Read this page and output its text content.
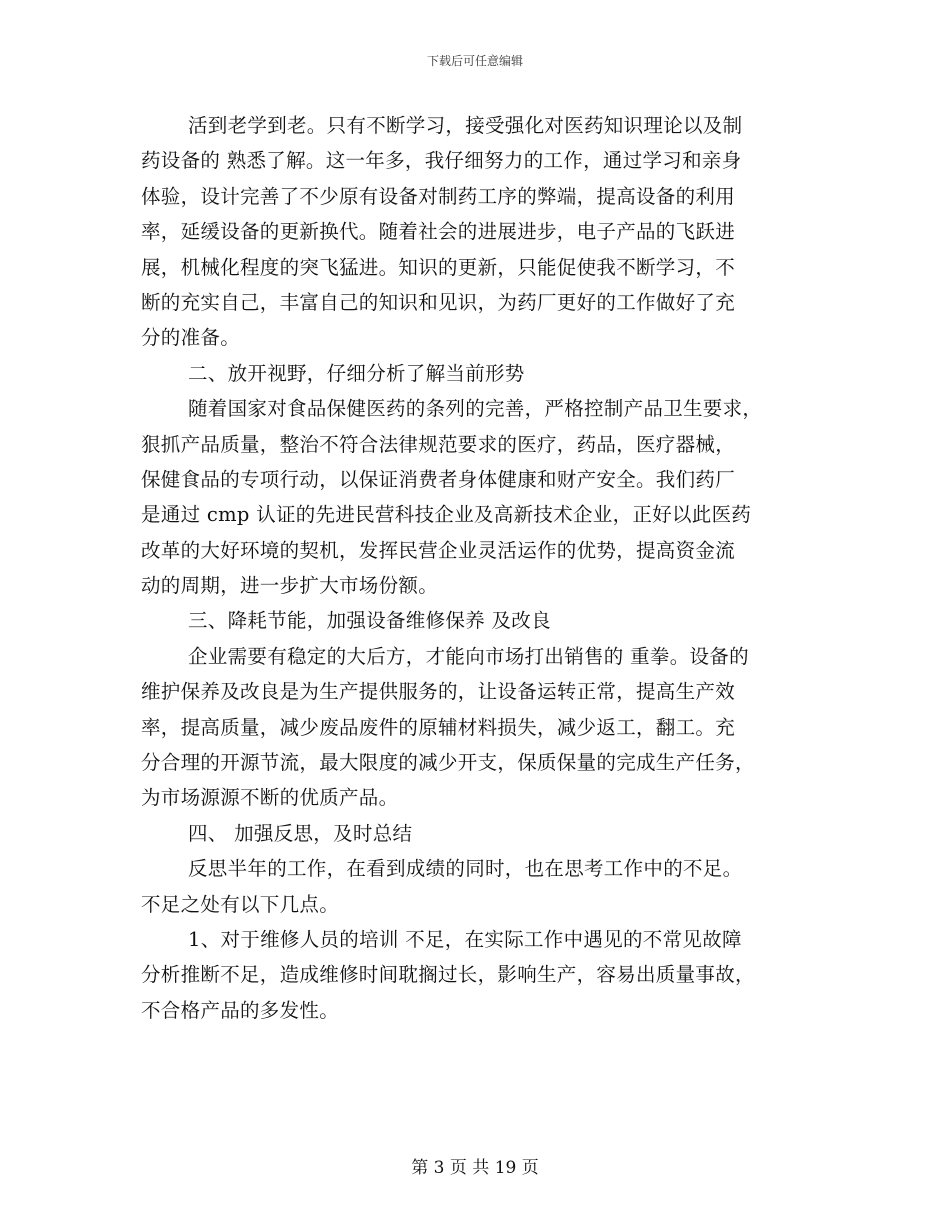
下载后可任意编辑
活到老学到老。只有不断学习，接受强化对医药知识理论以及制
药设备的 熟悉了解。这一年多，我仔细努力的工作，通过学习和亲身
体验，设计完善了不少原有设备对制药工序的弊端，提高设备的利用
率，延缓设备的更新换代。随着社会的进展进步，电子产品的飞跃进
展，机械化程度的突飞猛进。知识的更新，只能促使我不断学习，不
断的充实自己，丰富自己的知识和见识，为药厂更好的工作做好了充
分的准备。
二、放开视野，仔细分析了解当前形势
随着国家对食品保健医药的条列的完善，严格控制产品卫生要求，
狠抓产品质量，整治不符合法律规范要求的医疗，药品，医疗器械，
保健食品的专项行动，以保证消费者身体健康和财产安全。我们药厂
是通过 cmp 认证的先进民营科技企业及高新技术企业，正好以此医药
改革的大好环境的契机，发挥民营企业灵活运作的优势，提高资金流
动的周期，进一步扩大市场份额。
三、降耗节能，加强设备维修保养 及改良
企业需要有稳定的大后方，才能向市场打出销售的 重拳。设备的
维护保养及改良是为生产提供服务的，让设备运转正常，提高生产效
率，提高质量，减少废品废件的原辅材料损失，减少返工，翻工。充
分合理的开源节流，最大限度的减少开支，保质保量的完成生产任务，
为市场源源不断的优质产品。
四、 加强反思，及时总结
反思半年的工作，在看到成绩的同时，也在思考工作中的不足。
不足之处有以下几点。
1、对于维修人员的培训 不足，在实际工作中遇见的不常见故障
分析推断不足，造成维修时间耽搁过长，影响生产，容易出质量事故，
不合格产品的多发性。
第 3 页 共 19 页
